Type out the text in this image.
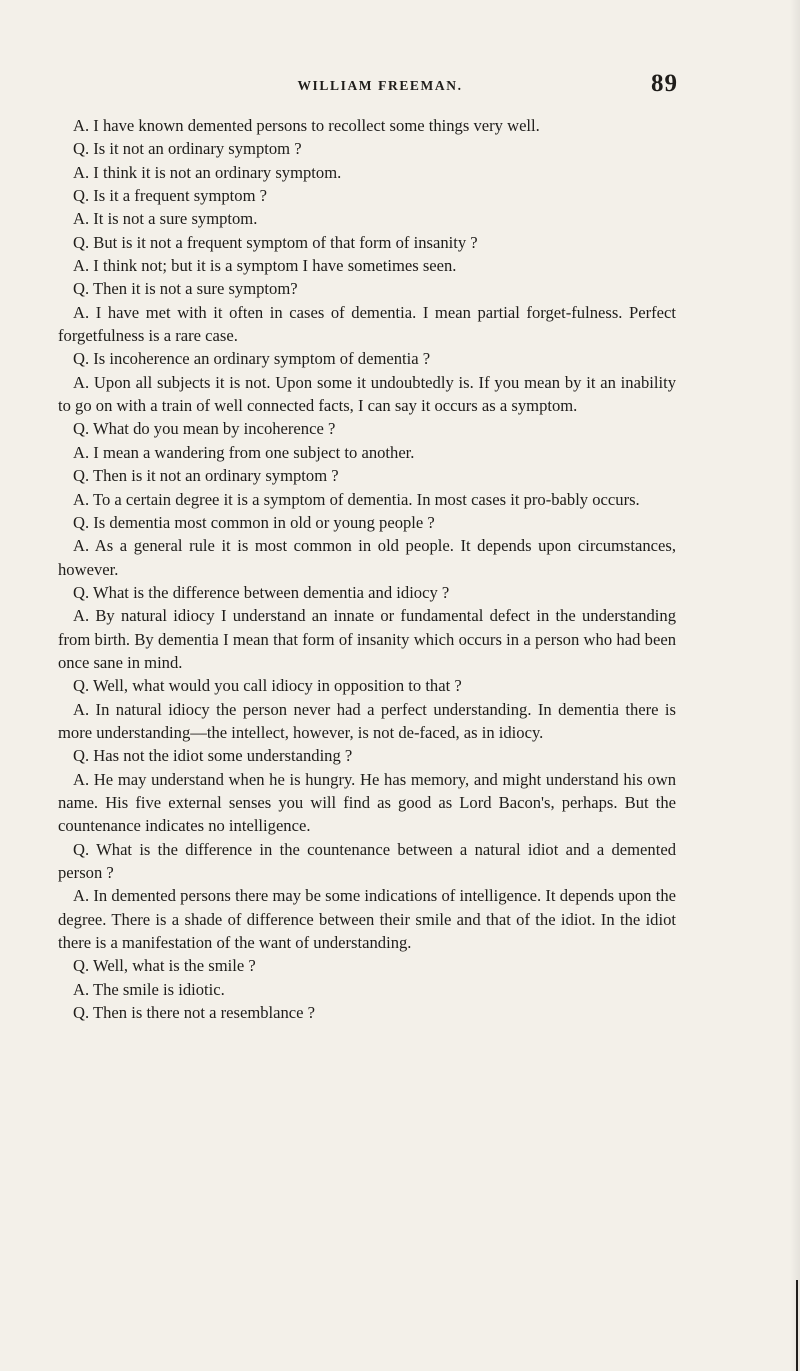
WILLIAM FREEMAN.	89

A. I have known demented persons to recollect some things very well.

Q. Is it not an ordinary symptom ?

A. I think it is not an ordinary symptom.

Q. Is it a frequent symptom ?

A. It is not a sure symptom.

Q. But is it not a frequent symptom of that form of insanity ?

A. I think not; but it is a symptom I have sometimes seen.

Q. Then it is not a sure symptom?

A. I have met with it often in cases of dementia. I mean partial forget-fulness. Perfect forgetfulness is a rare case.

Q. Is incoherence an ordinary symptom of dementia ?

A. Upon all subjects it is not. Upon some it undoubtedly is. If you mean by it an inability to go on with a train of well connected facts, I can say it occurs as a symptom.

Q. What do you mean by incoherence ?

A. I mean a wandering from one subject to another.

Q. Then is it not an ordinary symptom ?

A. To a certain degree it is a symptom of dementia. In most cases it pro-bably occurs.

Q. Is dementia most common in old or young people ?

A. As a general rule it is most common in old people. It depends upon circumstances, however.

Q. What is the difference between dementia and idiocy ?

A. By natural idiocy I understand an innate or fundamental defect in the understanding from birth. By dementia I mean that form of insanity which occurs in a person who had been once sane in mind.

Q. Well, what would you call idiocy in opposition to that ?

A. In natural idiocy the person never had a perfect understanding. In dementia there is more understanding—the intellect, however, is not de-faced, as in idiocy.

Q. Has not the idiot some understanding ?

A. He may understand when he is hungry. He has memory, and might understand his own name. His five external senses you will find as good as Lord Bacon's, perhaps. But the countenance indicates no intelligence.

Q. What is the difference in the countenance between a natural idiot and a demented person ?

A. In demented persons there may be some indications of intelligence. It depends upon the degree. There is a shade of difference between their smile and that of the idiot. In the idiot there is a manifestation of the want of understanding.

Q. Well, what is the smile ?

A. The smile is idiotic.

Q. Then is there not a resemblance ?
